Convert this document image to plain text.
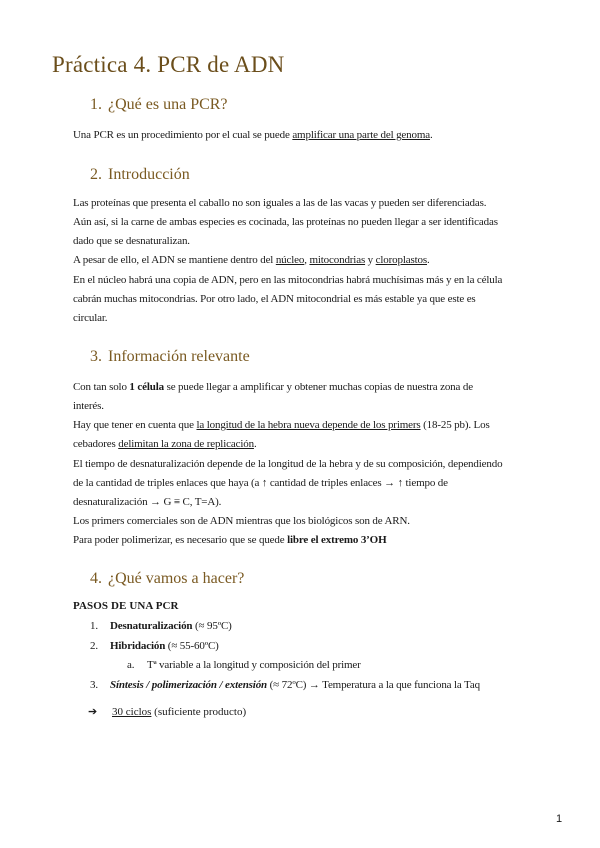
Práctica 4. PCR de ADN
1. ¿Qué es una PCR?

Una PCR es un procedimiento por el cual se puede amplificar una parte del genoma.

2. Introducción

Las proteínas que presenta el caballo no son iguales a las de las vacas y pueden ser diferenciadas.

Aún así, si la carne de ambas especies es cocinada, las proteínas no pueden llegar a ser identificadas

dado que se desnaturalizan.

A pesar de ello, el ADN se mantiene dentro del núcleo, mitocondrias y cloroplastos.

En el núcleo habrá una copia de ADN, pero en las mitocondrias habrá muchísimas más y en la célula

cabrán muchas mitocondrias. Por otro lado, el ADN mitocondrial es más estable ya que este es

circular.

3. Información relevante

Con tan solo 1 célula se puede llegar a amplificar y obtener muchas copias de nuestra zona de

interés.

Hay que tener en cuenta que la longitud de la hebra nueva depende de los primers (18-25 pb). Los

cebadores delimitan la zona de replicación.

El tiempo de desnaturalización depende de la longitud de la hebra y de su composición, dependiendo

de la cantidad de triples enlaces que haya (a ↑ cantidad de triples enlaces → ↑ tiempo de

desnaturalización → G ≡ C, T=A).

Los primers comerciales son de ADN mientras que los biológicos son de ARN.

Para poder polimerizar, es necesario que se quede libre el extremo 3’OH

4. ¿Qué vamos a hacer?
PASOS DE UNA PCR
1. Desnaturalización (≈ 95ºC)
2. Hibridación (≈ 55-60ºC)
a. Tª variable a la longitud y composición del primer
3. Síntesis / polimerización / extensión (≈ 72ºC) → Temperatura a la que funciona la Taq
➔ 30 ciclos (suficiente producto)
1
